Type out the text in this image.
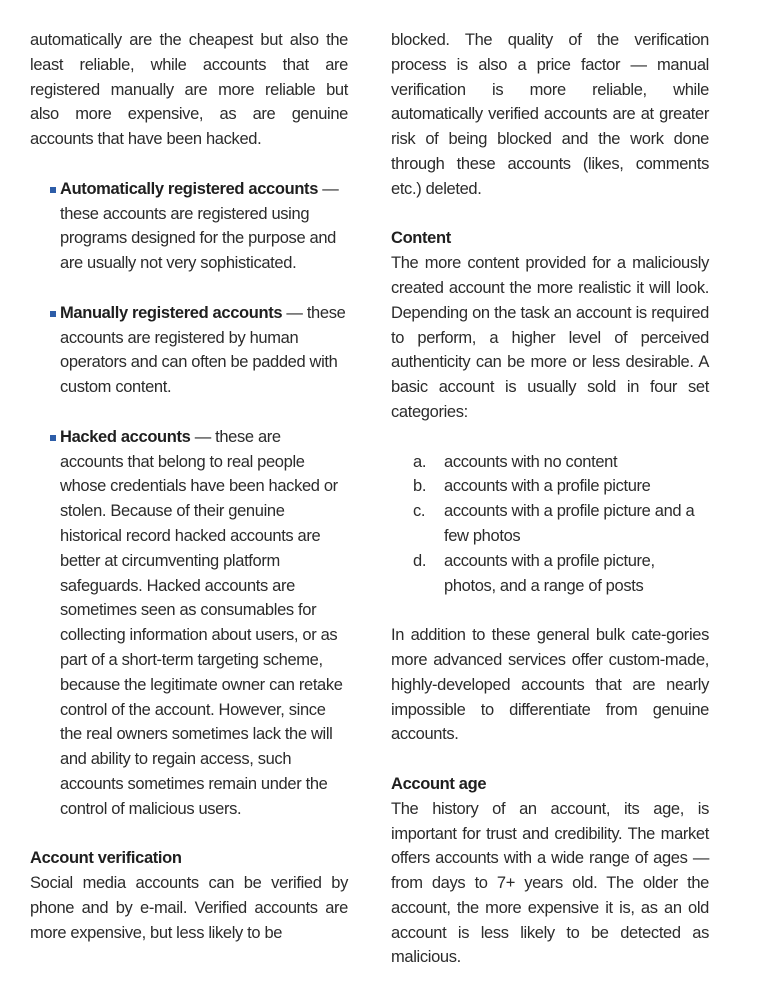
automatically are the cheapest but also the least reliable, while accounts that are registered manually are more reliable but also more expensive, as are genuine accounts that have been hacked.

Automatically registered accounts — these accounts are registered using programs designed for the purpose and are usually not very sophisticated.

Manually registered accounts — these accounts are registered by human operators and can often be padded with custom content.

Hacked accounts — these are accounts that belong to real people whose credentials have been hacked or stolen. Because of their genuine historical record hacked accounts are better at circumventing platform safeguards. Hacked accounts are sometimes seen as consumables for collecting information about users, or as part of a short-term targeting scheme, because the legitimate owner can retake control of the account. However, since the real owners sometimes lack the will and ability to regain access, such accounts sometimes remain under the control of malicious users.

Account verification

Social media accounts can be verified by phone and by e-mail. Verified accounts are more expensive, but less likely to be

blocked. The quality of the verification process is also a price factor — manual verification is more reliable, while automatically verified accounts are at greater risk of being blocked and the work done through these accounts (likes, comments etc.) deleted.

Content

The more content provided for a maliciously created account the more realistic it will look. Depending on the task an account is required to perform, a higher level of perceived authenticity can be more or less desirable. A basic account is usually sold in four set categories:

a. accounts with no content
b. accounts with a profile picture
c. accounts with a profile picture and a few photos
d. accounts with a profile picture, photos, and a range of posts

In addition to these general bulk cate-gories more advanced services offer custom-made, highly-developed accounts that are nearly impossible to differentiate from genuine accounts.

Account age

The history of an account, its age, is important for trust and credibility. The market offers accounts with a wide range of ages — from days to 7+ years old. The older the account, the more expensive it is, as an old account is less likely to be detected as malicious.
